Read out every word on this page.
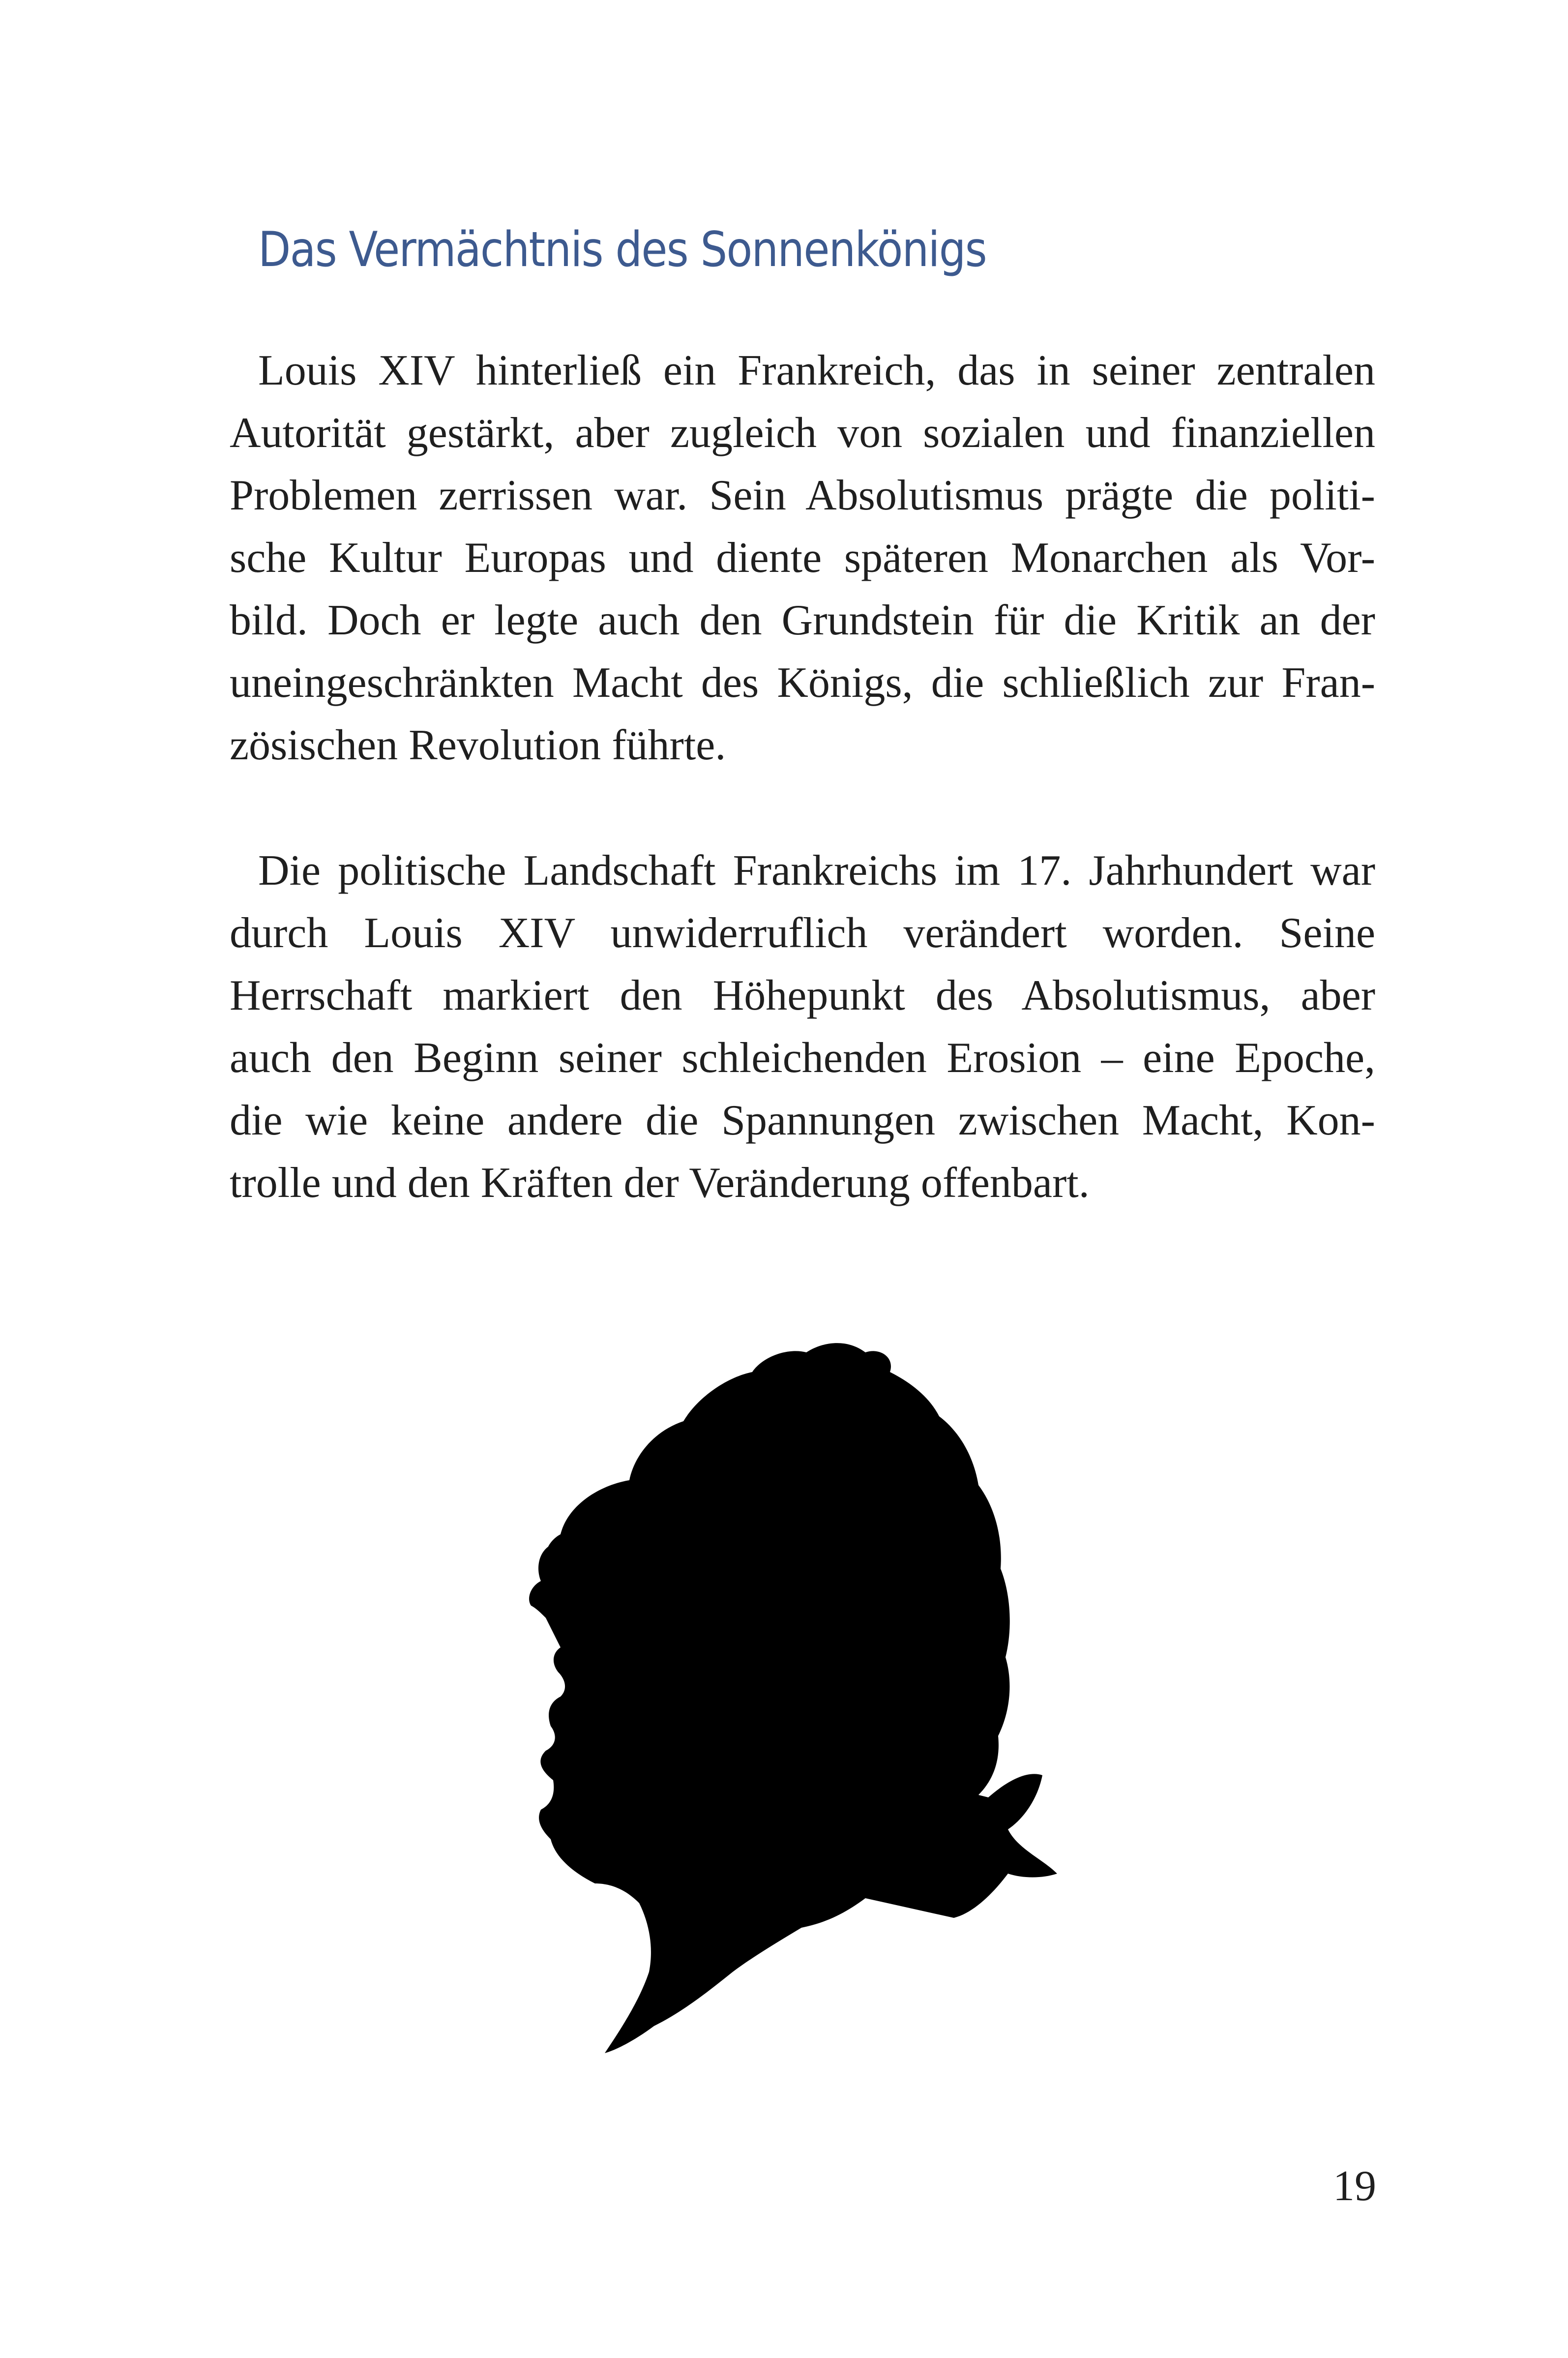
Das Vermächtnis des Sonnenkönigs
Louis XIV hinterließ ein Frankreich, das in seiner zentralen
Autorität gestärkt, aber zugleich von sozialen und finanziellen
Problemen zerrissen war. Sein Absolutismus prägte die politi-
sche Kultur Europas und diente späteren Monarchen als Vor-
bild. Doch er legte auch den Grundstein für die Kritik an der
uneingeschränkten Macht des Königs, die schließlich zur Fran-
zösischen Revolution führte.
Die politische Landschaft Frankreichs im 17. Jahrhundert war
durch Louis XIV unwiderruflich verändert worden. Seine
Herrschaft markiert den Höhepunkt des Absolutismus, aber
auch den Beginn seiner schleichenden Erosion – eine Epoche,
die wie keine andere die Spannungen zwischen Macht, Kon-
trolle und den Kräften der Veränderung offenbart.
19
